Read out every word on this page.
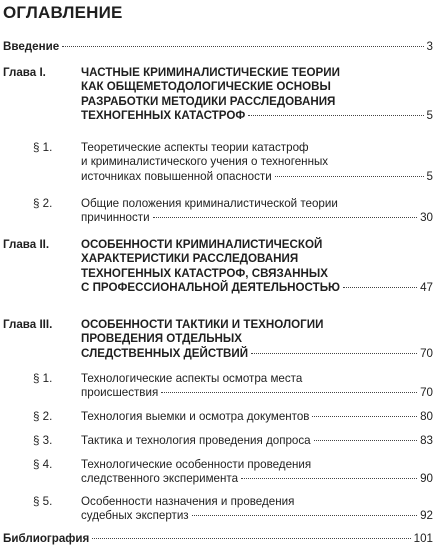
ОГЛАВЛЕНИЕ
Введение	3
Глава I.	ЧАСТНЫЕ КРИМИНАЛИСТИЧЕСКИЕ ТЕОРИИ
КАК ОБЩЕМЕТОДОЛОГИЧЕСКИЕ ОСНОВЫ
РАЗРАБОТКИ МЕТОДИКИ РАССЛЕДОВАНИЯ
ТЕХНОГЕННЫХ КАТАСТРОФ	5
§ 1. Теоретические аспекты теории катастроф
и криминалистического учения о техногенных
источниках повышенной опасности	5
§ 2. Общие положения криминалистической теории
причинности	30
Глава II.	ОСОБЕННОСТИ КРИМИНАЛИСТИЧЕСКОЙ
ХАРАКТЕРИСТИКИ РАССЛЕДОВАНИЯ
ТЕХНОГЕННЫХ КАТАСТРОФ, СВЯЗАННЫХ
С ПРОФЕССИОНАЛЬНОЙ ДЕЯТЕЛЬНОСТЬЮ	47
Глава III. ОСОБЕННОСТИ ТАКТИКИ И ТЕХНОЛОГИИ
ПРОВЕДЕНИЯ ОТДЕЛЬНЫХ
СЛЕДСТВЕННЫХ ДЕЙСТВИЙ	70
§ 1. Технологические аспекты осмотра места
происшествия	70
§ 2. Технология выемки и осмотра документов	80
§ 3. Тактика и технология проведения допроса	83
§ 4. Технологические особенности проведения
следственного эксперимента	90
§ 5. Особенности назначения и проведения
судебных экспертиз	92
Библиография	101
